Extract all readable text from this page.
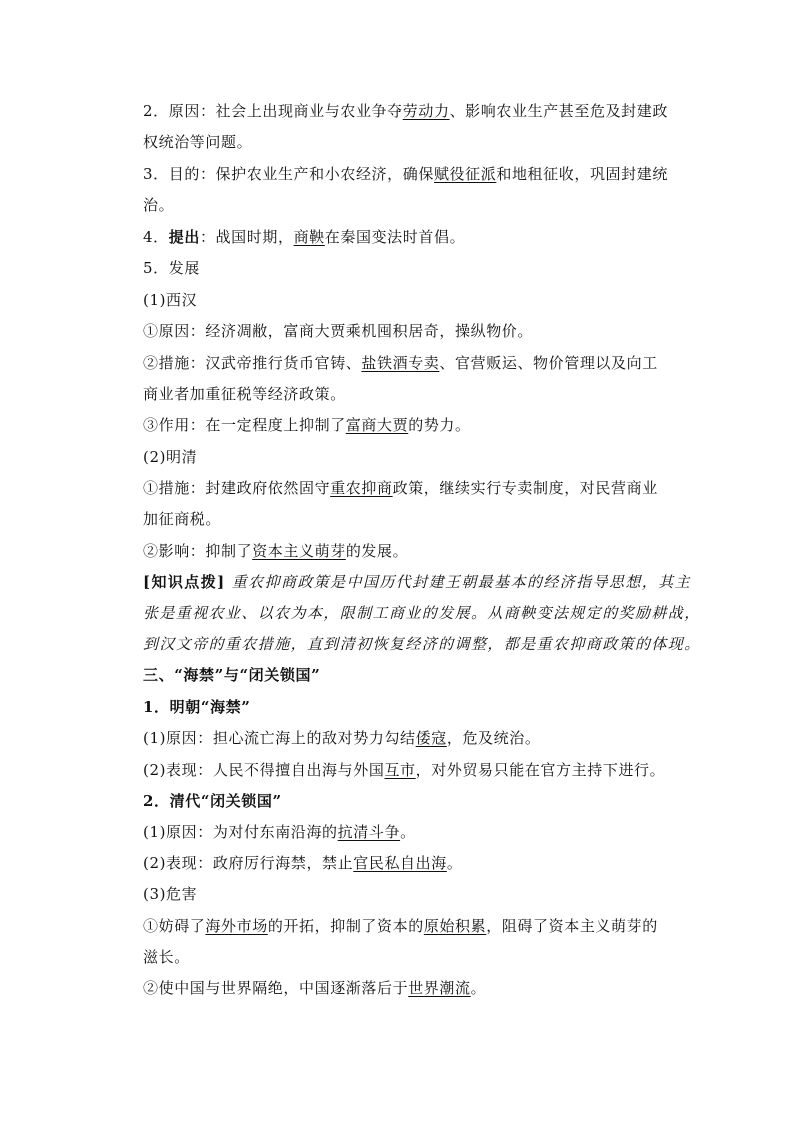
2．原因：社会上出现商业与农业争夺劳动力、影响农业生产甚至危及封建政
权统治等问题。
3．目的：保护农业生产和小农经济，确保赋役征派和地租征收，巩固封建统
治。
4．提出：战国时期，商鞅在秦国变法时首倡。
5．发展
(1)西汉
①原因：经济凋敝，富商大贾乘机囤积居奇，操纵物价。
②措施：汉武帝推行货币官铸、盐铁酒专卖、官营贩运、物价管理以及向工
商业者加重征税等经济政策。
③作用：在一定程度上抑制了富商大贾的势力。
(2)明清
①措施：封建政府依然固守重农抑商政策，继续实行专卖制度，对民营商业
加征商税。
②影响：抑制了资本主义萌芽的发展。
[知识点拨] 重农抑商政策是中国历代封建王朝最基本的经济指导思想，其主
张是重视农业、以农为本，限制工商业的发展。从商鞅变法规定的奖励耕战，
到汉文帝的重农措施，直到清初恢复经济的调整，都是重农抑商政策的体现。
三、“海禁”与“闭关锁国”
1．明朝“海禁”
(1)原因：担心流亡海上的敌对势力勾结倭寇，危及统治。
(2)表现：人民不得擅自出海与外国互市，对外贸易只能在官方主持下进行。
2．清代“闭关锁国”
(1)原因：为对付东南沿海的抗清斗争。
(2)表现：政府厉行海禁，禁止官民私自出海。
(3)危害
①妨碍了海外市场的开拓，抑制了资本的原始积累，阻碍了资本主义萌芽的
滋长。
②使中国与世界隔绝，中国逐渐落后于世界潮流。
